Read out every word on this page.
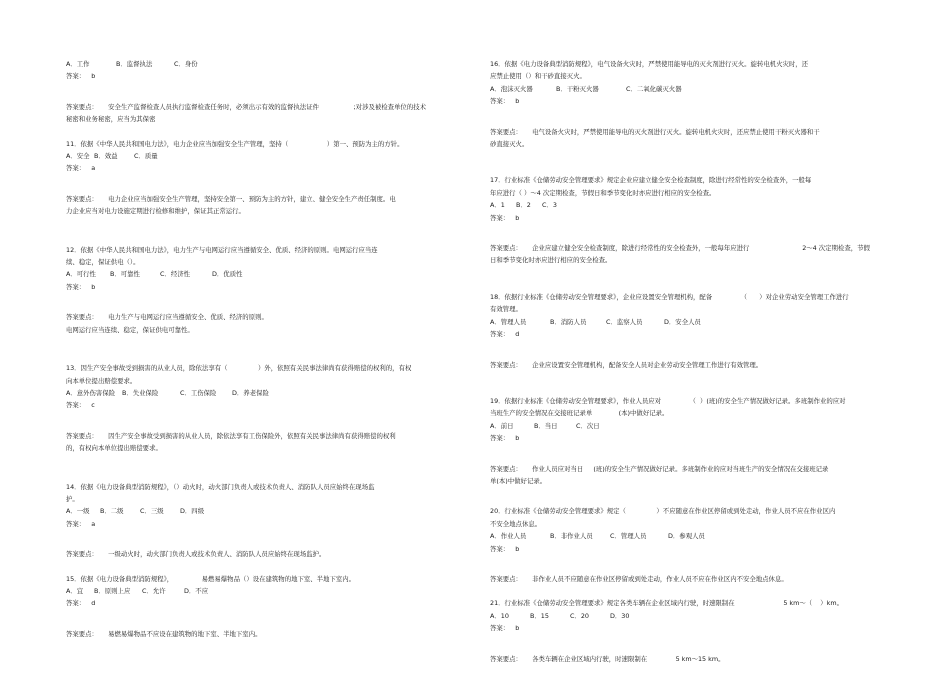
A．工作	B．监督执法	C．身份
答案：   b
答案要点：     安全生产监督检查人员执行监督检查任务时，必须出示有效的监督执法证件                 ;对涉及被检查单位的技术
秘密和业务秘密，应当为其保密
11．依据《中华人民共和国电力法》，电力企业应当加强安全生产管理，坚持（                   ）第一、预防为主的方针。
A．安全 B．效益	C．质量
答案：   a
答案要点：     电力企业应当加强安全生产管理，坚持安全第一、预防为主的方针，建立、健全安全生产责任制度。电
力企业应当对电力设施定期进行检修和维护，保证其正常运行。
12．依据《中华人民共和国电力法》，电力生产与电网运行应当遵循安全、优质、经济的原则。电网运行应当连
续、稳定，保证供电（）。
A．可行性	B．可靠性	C．经济性	D．优质性
答案：   b
答案要点：     电力生产与电网运行应当遵循安全、优质、经济的原则。
电网运行应当连续、稳定，保证供电可靠性。
13．因生产安全事故受到损害的从业人员，除依法享有（               ）外，依照有关民事法律尚有获得赔偿的权利的，有权
向本单位提出赔偿要求。
A．意外伤害保险	B．失业保险	C．工伤保险	D．养老保险
答案：   c
答案要点：     因生产安全事故受到损害的从业人员，除依法享有工伤保险外，依照有关民事法律尚有获得赔偿的权利
的，有权向本单位提出赔偿要求。
14．依据《电力设备典型消防规程》，（）动火时，动火部门负责人或技术负责人、消防队人员应始终在现场监
护。
A．一级	B．二级	C．三级	D．四级
答案：   a
答案要点：     一级动火时，动火部门负责人或技术负责人、消防队人员应始终在现场监护。
15．依据《电力设备典型消防规程》，              易燃易爆物品（）设在建筑物的地下室、半地下室内。
A．宜	B．原则上应	C．允许	D．不应
答案：   d
答案要点：     易燃易爆物品不应设在建筑物的地下室、半地下室内。
16．依据《电力设备典型消防规程》，电气设备火灾时，严禁使用能导电的灭火剂进行灭火。旋转电机火灾时，还
应禁止使用（）和干砂直接灭火。
A．泡沫灭火器	B．干粉灭火器	C．二氧化碳灭火器
答案：   b
答案要点：     电气设备火灾时，严禁使用能导电的灭火剂进行灭火。旋转电机火灾时，还应禁止使用干粉灭火器和干
砂直接灭火。
17．行业标准《仓储劳动安全管理要求》规定企业应建立健全安全检查制度，除进行经常性的安全检查外，一般每
年应进行（ ）～4 次定期检查，节假日和季节变化时亦应进行相应的安全检查。
A．1	B．2	C．3
答案：   b
答案要点：     企业应建立健全安全检查制度，除进行经常性的安全检查外，一般每年应进行                          2～4 次定期检查，节假
日和季节变化时亦应进行相应的安全检查。
18．依据行业标准《仓储劳动安全管理要求》，企业应设置安全管理机构，配备              （      ）对企业劳动安全管理工作进行
有效管理。
A．管理人员	B．消防人员	C．监察人员	D．安全人员
答案：   d
答案要点：     企业应设置安全管理机构，配备安全人员对企业劳动安全管理工作进行有效管理。
19．依据行业标准《仓储劳动安全管理要求》，作业人员应对              （  ）(班)的安全生产情况做好记录。多班制作业的应对
当班生产的安全情况在交接班记录单             (本)中做好记录。
A．前日	B．当日	C．次日
答案：   b
答案要点：     作业人员应对当日     (班)的安全生产情况做好记录。多班制作业的应对当班生产的安全情况在交接班记录
单(本)中做好记录。
20．行业标准《仓储劳动安全管理要求》规定（               ）不应随意在作业区停留或到处走动，作业人员不应在作业区内
不安全地点休息。
A．作业人员	B．非作业人员	C．管理人员	D．参观人员
答案：   b
答案要点：     非作业人员不应随意在作业区停留或到处走动，作业人员不应在作业区内不安全地点休息。
21．行业标准《仓储劳动安全管理要求》规定各类车辆在企业区域内行驶，时速限制在                        5 km～（    ）km。
A．10	B．15	C．20	D．30
答案：   b
答案要点：     各类车辆在企业区域内行驶，时速限制在              5 km～15 km。
